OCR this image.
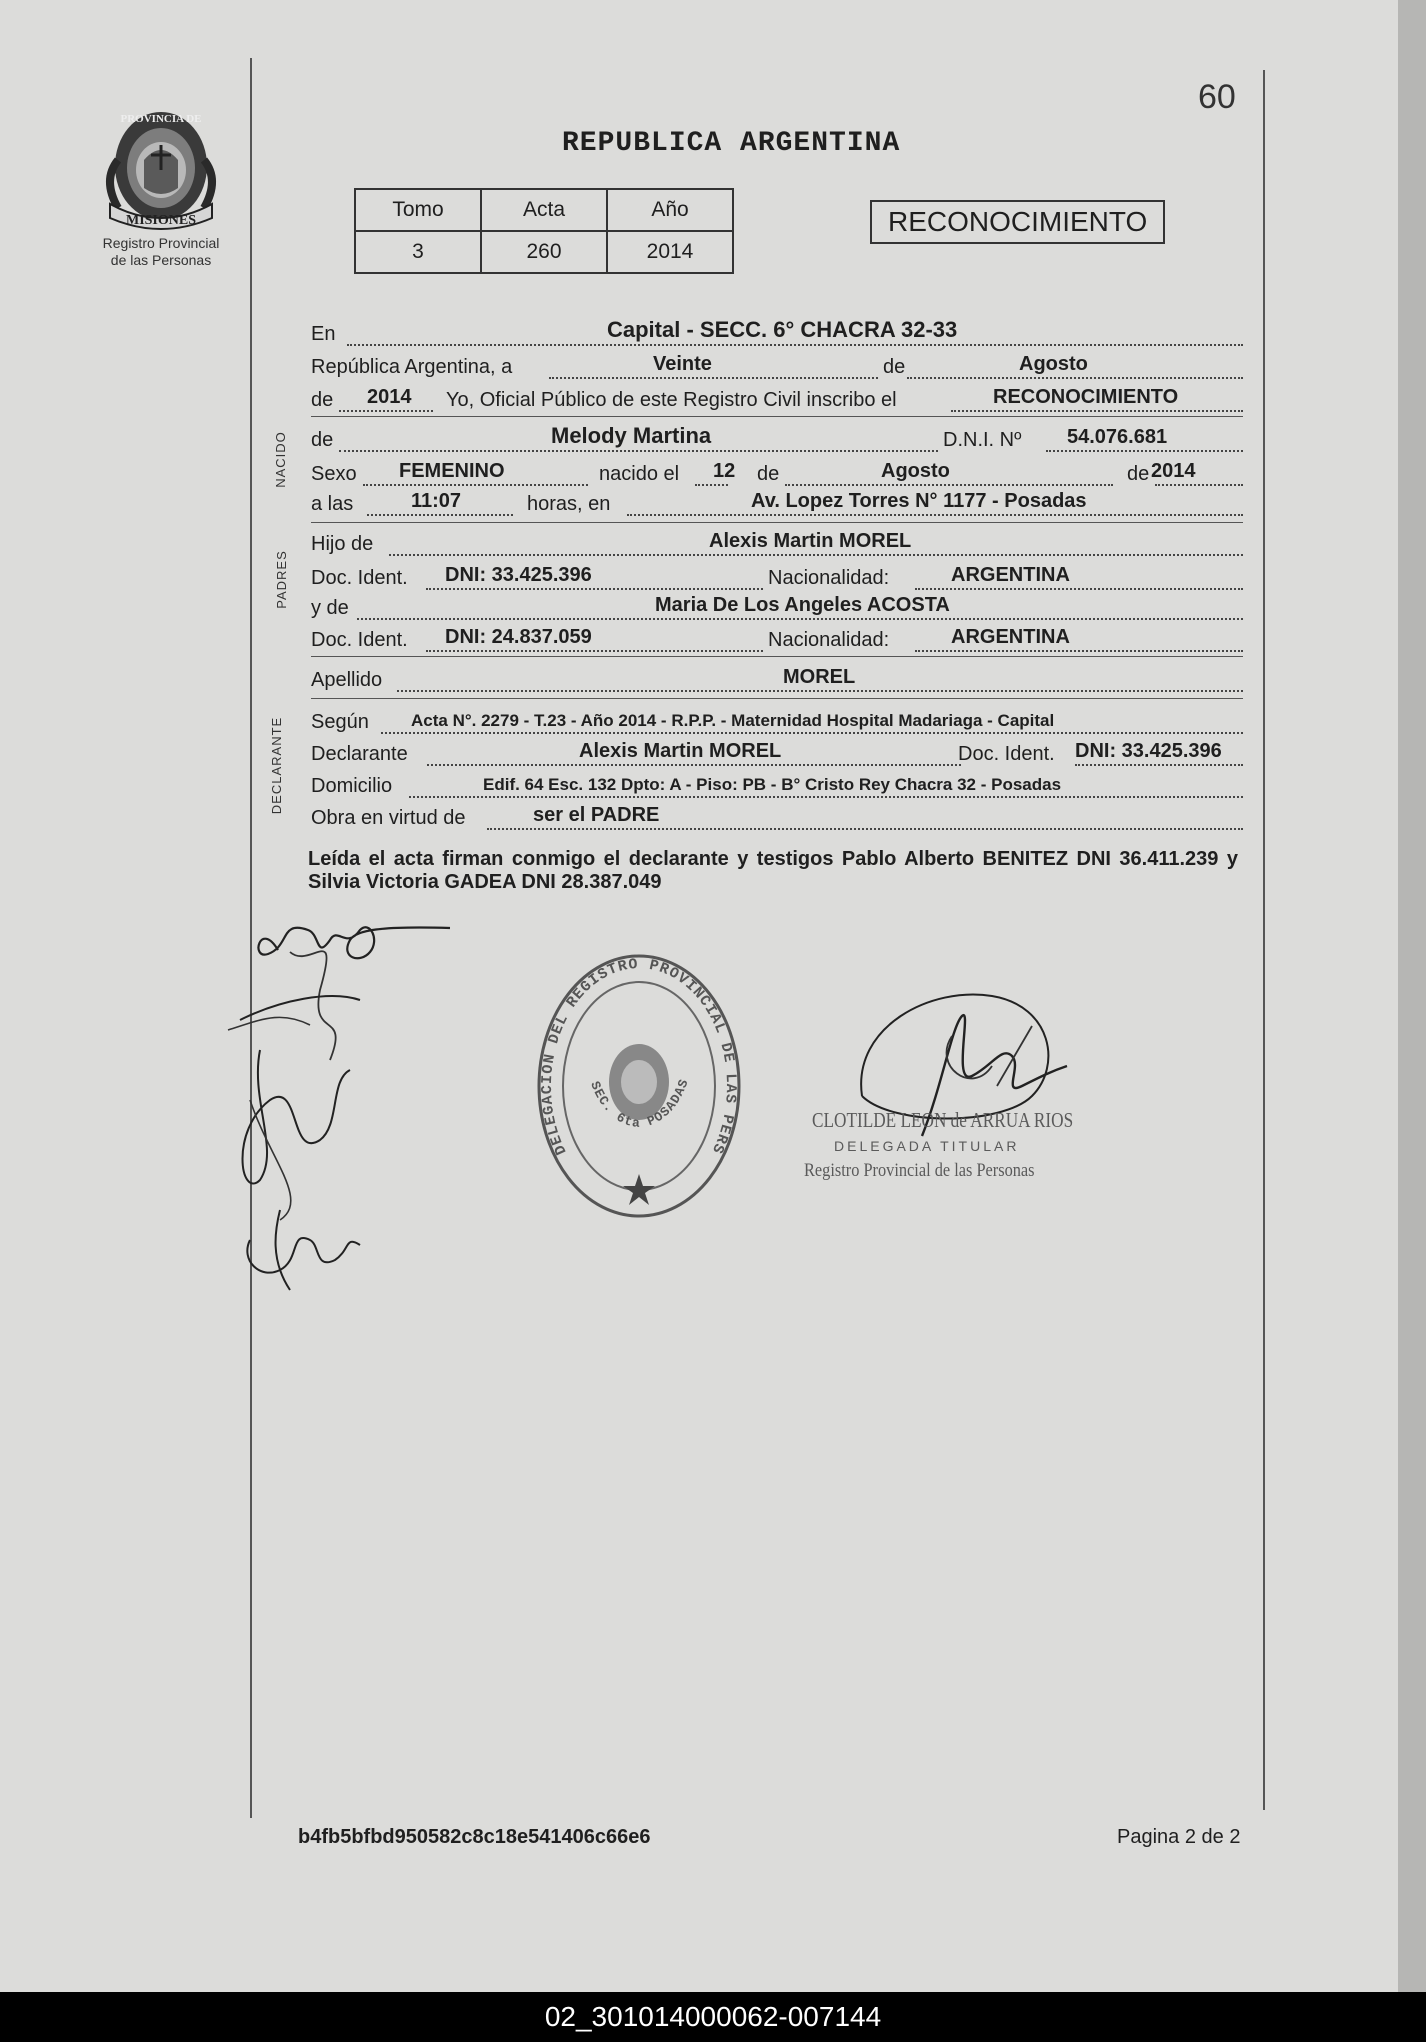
60
MISIONES
PROVINCIA DE
Registro Provincial
de las Personas
REPUBLICA ARGENTINA
Tomo	Acta	Año
3	260	2014
RECONOCIMIENTO
En	Capital - SECC. 6° CHACRA 32-33
República Argentina, a	Veinte	de	Agosto
de 2014 Yo, Oficial Público de este Registro Civil inscribo el	RECONOCIMIENTO
NACIDO de	Melody Martina	D.N.I. Nº 54.076.681
Sexo FEMENINO	nacido el 12 de	Agosto	de 2014
a las	11:07	horas, en	Av. Lopez Torres N° 1177 - Posadas
PADRES
Hijo de	Alexis Martin MOREL
Doc. Ident. DNI: 33.425.396	Nacionalidad:	ARGENTINA
y de	Maria De Los Angeles ACOSTA
Doc. Ident. DNI: 24.837.059	Nacionalidad:	ARGENTINA
Apellido	MOREL
DECLARANTE Según Acta N°. 2279 - T.23 - Año 2014 - R.P.P. - Maternidad Hospital Madariaga - Capital
Declarante	Alexis Martin MOREL	Doc. Ident. DNI: 33.425.396
Domicilio	Edif. 64 Esc. 132 Dpto: A - Piso: PB - B° Cristo Rey Chacra 32 - Posadas
Obra en virtud de	ser el PADRE
Leída el acta firman conmigo el declarante y testigos Pablo Alberto BENITEZ DNI 36.411.239 y Silvia Victoria GADEA DNI 28.387.049
DELEGACION DEL REGISTRO PROVINCIAL DE LAS PERS
SEC. 6ta POSADAS
CLOTILDE LEON de ARRUA RIOS
DELEGADA TITULAR
Registro Provincial de las Personas
b4fb5bfbd950582c8c18e541406c66e6	Pagina 2 de 2
02_301014000062-007144
